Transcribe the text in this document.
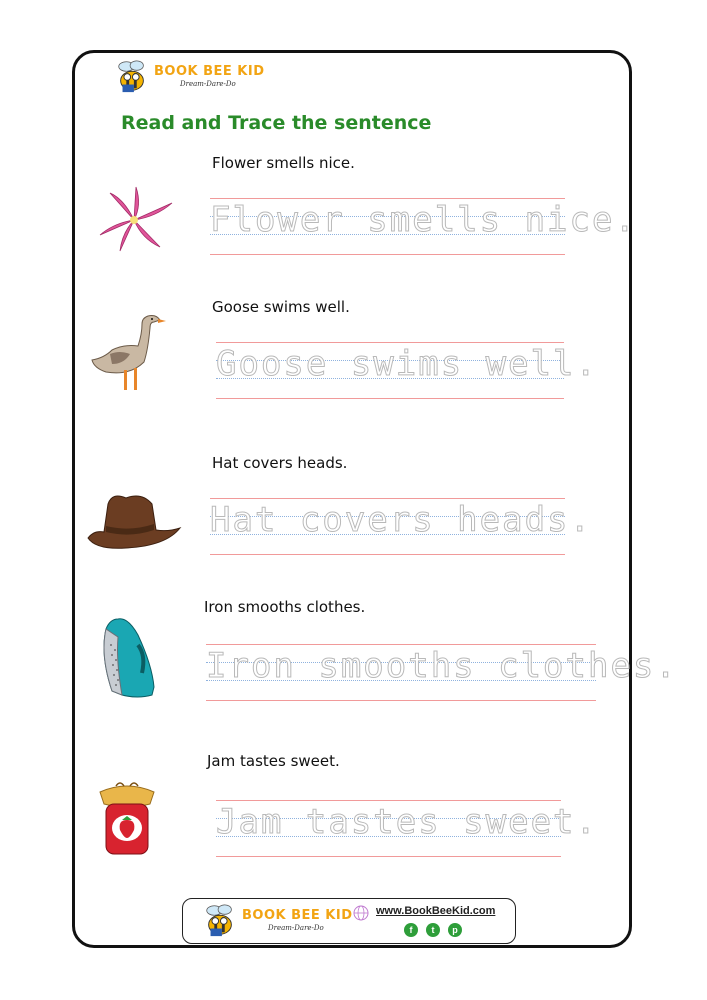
BOOK BEE KID
Dream-Dare-Do
Read and Trace the sentence
Flower smells nice.
Flower smells nice.
Goose swims well.
Goose swims well.
Hat covers heads.
Hat covers heads.
Iron smooths clothes.
Iron smooths clothes.
Jam tastes sweet.
Jam tastes sweet.
BOOK BEE KID
Dream-Dare-Do
www.BookBeeKid.com
f	t	p
